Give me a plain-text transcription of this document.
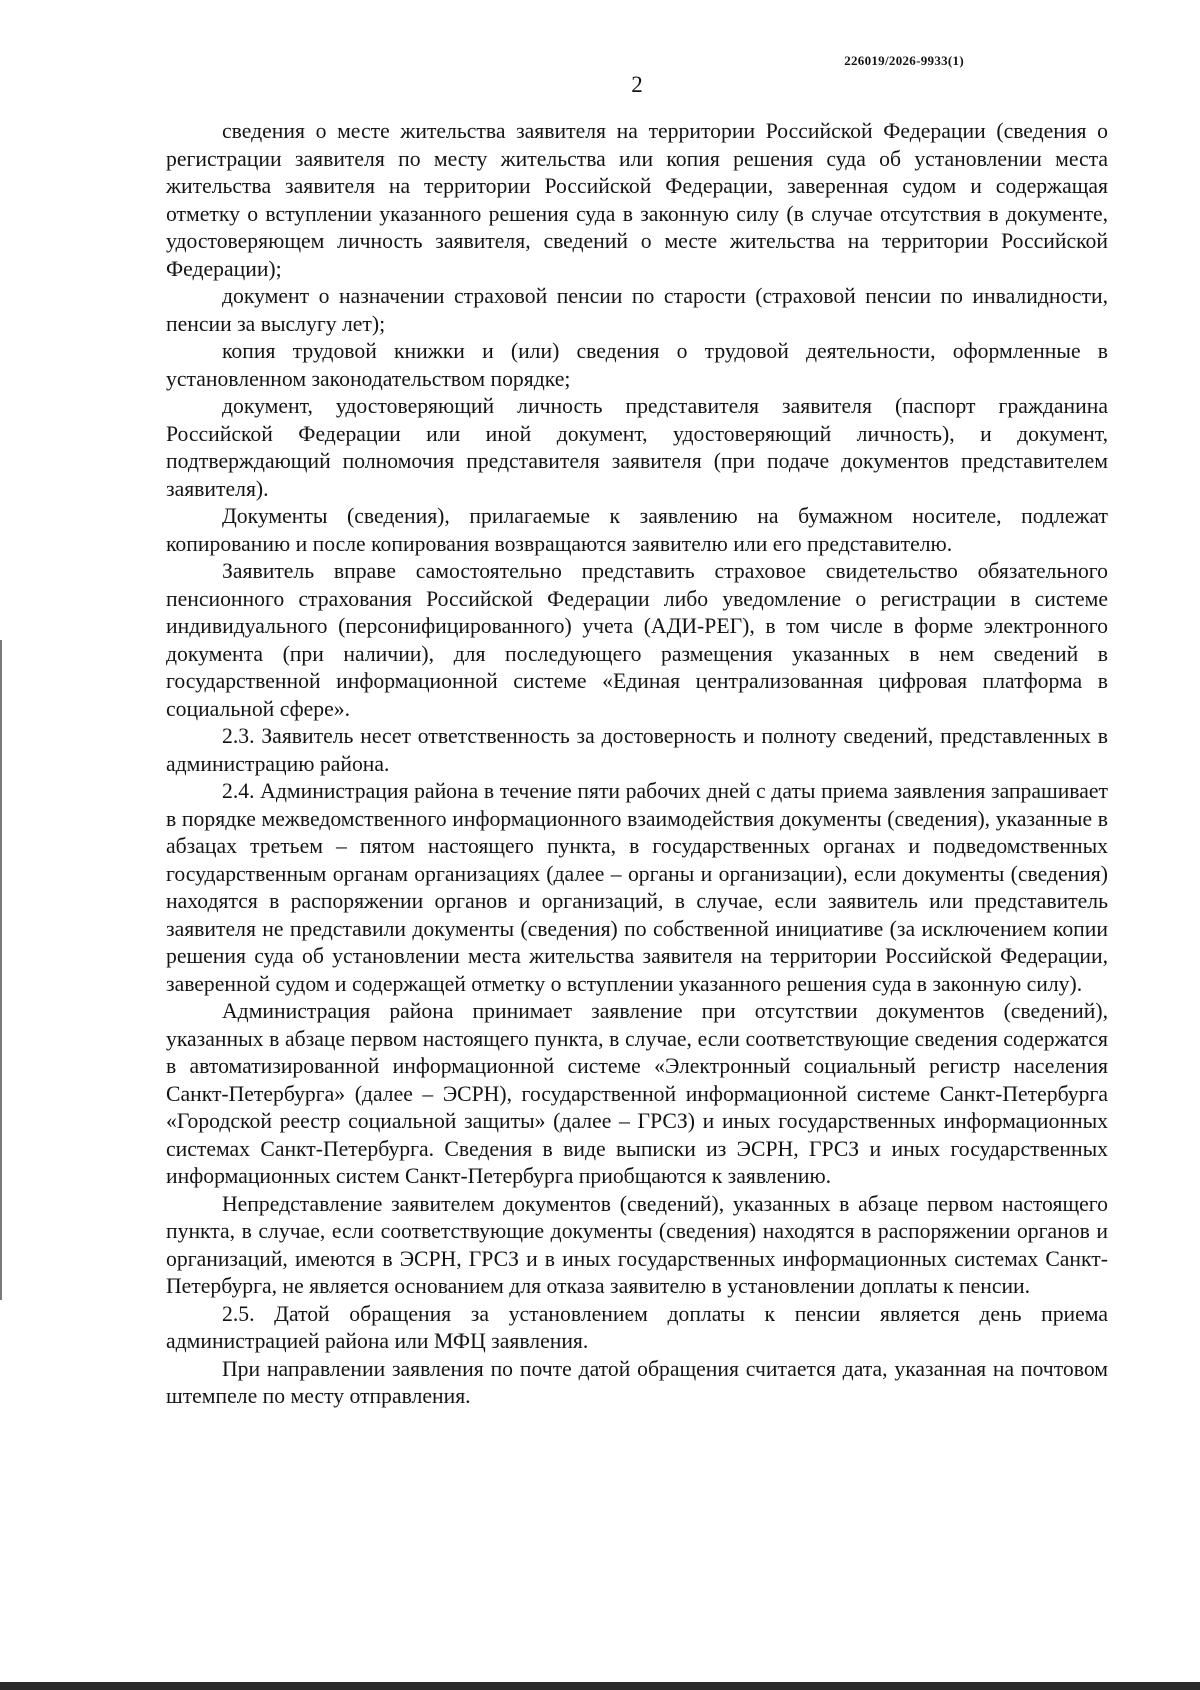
226019/2026-9933(1)
2

сведения о месте жительства заявителя на территории Российской Федерации (сведения о регистрации заявителя по месту жительства или копия решения суда об установлении места жительства заявителя на территории Российской Федерации, заверенная судом и содержащая отметку о вступлении указанного решения суда в законную силу (в случае отсутствия в документе, удостоверяющем личность заявителя, сведений о месте жительства на территории Российской Федерации);

документ о назначении страховой пенсии по старости (страховой пенсии по инвалидности, пенсии за выслугу лет);

копия трудовой книжки и (или) сведения о трудовой деятельности, оформленные в установленном законодательством порядке;

документ, удостоверяющий личность представителя заявителя (паспорт гражданина Российской Федерации или иной документ, удостоверяющий личность), и документ, подтверждающий полномочия представителя заявителя (при подаче документов представителем заявителя).

Документы (сведения), прилагаемые к заявлению на бумажном носителе, подлежат копированию и после копирования возвращаются заявителю или его представителю.

Заявитель вправе самостоятельно представить страховое свидетельство обязательного пенсионного страхования Российской Федерации либо уведомление о регистрации в системе индивидуального (персонифицированного) учета (АДИ-РЕГ), в том числе в форме электронного документа (при наличии), для последующего размещения указанных в нем сведений в государственной информационной системе «Единая централизованная цифровая платформа в социальной сфере».

2.3. Заявитель несет ответственность за достоверность и полноту сведений, представленных в администрацию района.

2.4. Администрация района в течение пяти рабочих дней с даты приема заявления запрашивает в порядке межведомственного информационного взаимодействия документы (сведения), указанные в абзацах третьем – пятом настоящего пункта, в государственных органах и подведомственных государственным органам организациях (далее – органы и организации), если документы (сведения) находятся в распоряжении органов и организаций, в случае, если заявитель или представитель заявителя не представили документы (сведения) по собственной инициативе (за исключением копии решения суда об установлении места жительства заявителя на территории Российской Федерации, заверенной судом и содержащей отметку о вступлении указанного решения суда в законную силу).

Администрация района принимает заявление при отсутствии документов (сведений), указанных в абзаце первом настоящего пункта, в случае, если соответствующие сведения содержатся в автоматизированной информационной системе «Электронный социальный регистр населения Санкт-Петербурга» (далее – ЭСРН), государственной информационной системе Санкт-Петербурга «Городской реестр социальной защиты» (далее – ГРСЗ) и иных государственных информационных системах Санкт-Петербурга. Сведения в виде выписки из ЭСРН, ГРСЗ и иных государственных информационных систем Санкт-Петербурга приобщаются к заявлению.

Непредставление заявителем документов (сведений), указанных в абзаце первом настоящего пункта, в случае, если соответствующие документы (сведения) находятся в распоряжении органов и организаций, имеются в ЭСРН, ГРСЗ и в иных государственных информационных системах Санкт-Петербурга, не является основанием для отказа заявителю в установлении доплаты к пенсии.

2.5. Датой обращения за установлением доплаты к пенсии является день приема администрацией района или МФЦ заявления.

При направлении заявления по почте датой обращения считается дата, указанная на почтовом штемпеле по месту отправления.
